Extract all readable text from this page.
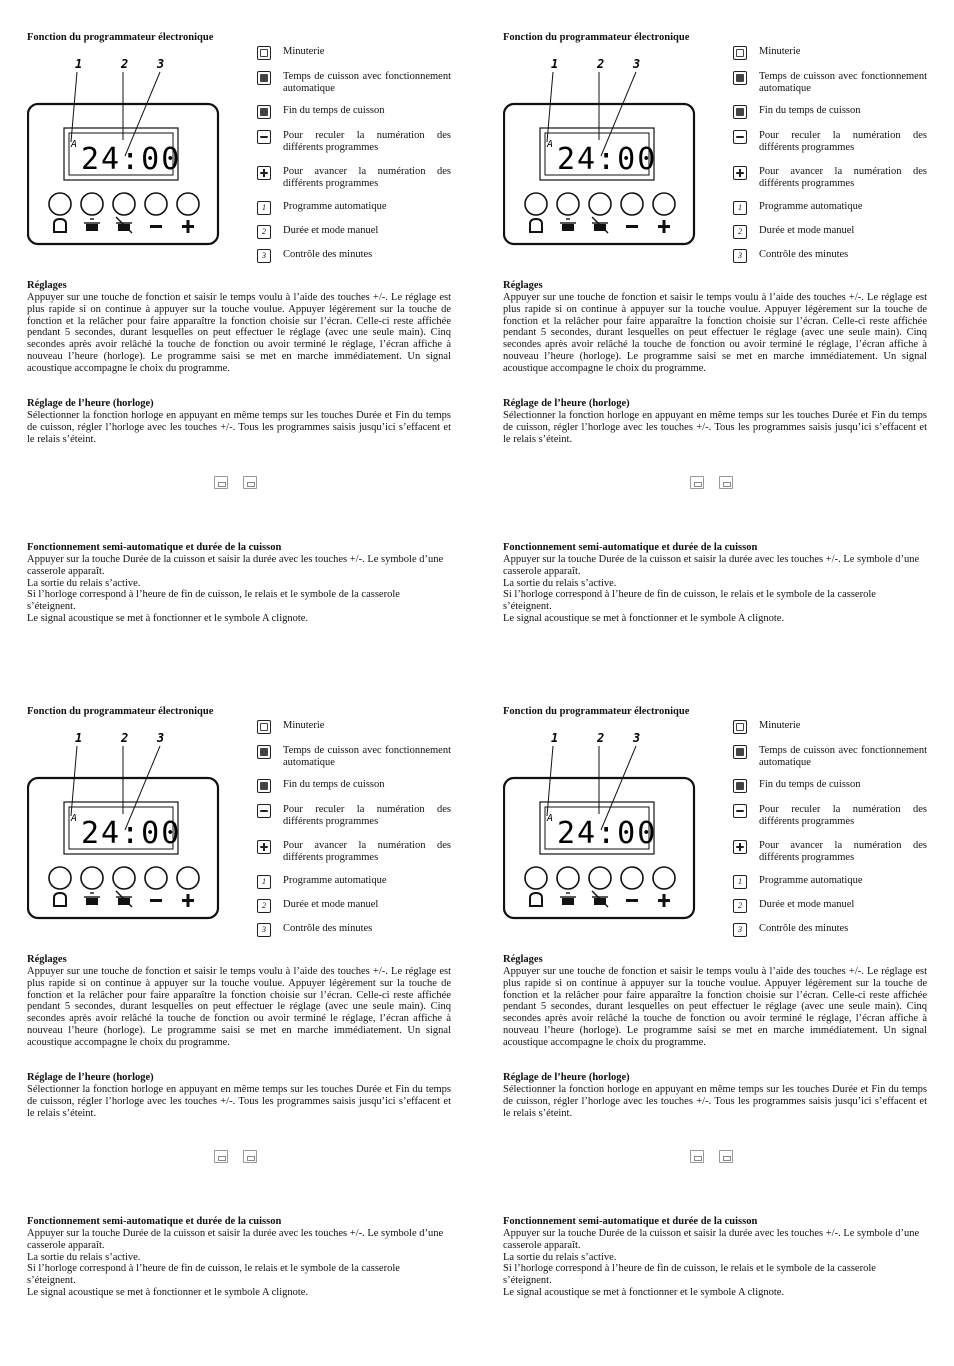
Fonction du programmateur électronique
1	2 3
A 24:00
Minuterie
Temps de cuisson avec fonctionnement automatique
Fin du temps de cuisson
Pour reculer la numération des différents programmes
Pour avancer la numération des différents programmes
1	Programme automatique
2	Durée et mode manuel
3	Contrôle des minutes
Réglages

Appuyer sur une touche de fonction et saisir le temps voulu à l’aide des touches +/-. Le réglage est plus rapide si on continue à appuyer sur la touche voulue. Appuyer légèrement sur la touche de fonction et la relâcher pour faire apparaître la fonction choisie sur l’écran. Celle-ci reste affichée pendant 5 secondes, durant lesquelles on peut effectuer le réglage (avec une seule main). Cinq secondes après avoir relâché la touche de fonction ou avoir terminé le réglage, l’écran affiche à nouveau l’heure (horloge). Le programme saisi se met en marche immédiatement. Un signal acoustique accompagne le choix du programme.

Réglage de l’heure (horloge)

Sélectionner la fonction horloge en appuyant en même temps sur les touches Durée et Fin du temps de cuisson, régler l’horloge avec les touches +/-. Tous les programmes saisis jusqu’ici s’effacent et le relais s’éteint.

Fonctionnement semi-automatique et durée de la cuisson

Appuyer sur la touche Durée de la cuisson et saisir la durée avec les touches +/-. Le symbole d’une casserole apparaît.
La sortie du relais s’active.
Si l’horloge correspond à l’heure de fin de cuisson, le relais et le symbole de la casserole s’éteignent.
Le signal acoustique se met à fonctionner et le symbole A clignote.

Fonction du programmateur électronique
1	2 3
A 24:00
Minuterie
Temps de cuisson avec fonctionnement automatique
Fin du temps de cuisson
Pour reculer la numération des différents programmes
Pour avancer la numération des différents programmes
1	Programme automatique
2	Durée et mode manuel
3	Contrôle des minutes
Réglages

Appuyer sur une touche de fonction et saisir le temps voulu à l’aide des touches +/-. Le réglage est plus rapide si on continue à appuyer sur la touche voulue. Appuyer légèrement sur la touche de fonction et la relâcher pour faire apparaître la fonction choisie sur l’écran. Celle-ci reste affichée pendant 5 secondes, durant lesquelles on peut effectuer le réglage (avec une seule main). Cinq secondes après avoir relâché la touche de fonction ou avoir terminé le réglage, l’écran affiche à nouveau l’heure (horloge). Le programme saisi se met en marche immédiatement. Un signal acoustique accompagne le choix du programme.

Réglage de l’heure (horloge)

Sélectionner la fonction horloge en appuyant en même temps sur les touches Durée et Fin du temps de cuisson, régler l’horloge avec les touches +/-. Tous les programmes saisis jusqu’ici s’effacent et le relais s’éteint.

Fonctionnement semi-automatique et durée de la cuisson

Appuyer sur la touche Durée de la cuisson et saisir la durée avec les touches +/-. Le symbole d’une casserole apparaît.
La sortie du relais s’active.
Si l’horloge correspond à l’heure de fin de cuisson, le relais et le symbole de la casserole s’éteignent.
Le signal acoustique se met à fonctionner et le symbole A clignote.

Fonction du programmateur électronique
1	2 3
A 24:00
Minuterie
Temps de cuisson avec fonctionnement automatique
Fin du temps de cuisson
Pour reculer la numération des différents programmes
Pour avancer la numération des différents programmes
1	Programme automatique
2	Durée et mode manuel
3	Contrôle des minutes
Réglages

Appuyer sur une touche de fonction et saisir le temps voulu à l’aide des touches +/-. Le réglage est plus rapide si on continue à appuyer sur la touche voulue. Appuyer légèrement sur la touche de fonction et la relâcher pour faire apparaître la fonction choisie sur l’écran. Celle-ci reste affichée pendant 5 secondes, durant lesquelles on peut effectuer le réglage (avec une seule main). Cinq secondes après avoir relâché la touche de fonction ou avoir terminé le réglage, l’écran affiche à nouveau l’heure (horloge). Le programme saisi se met en marche immédiatement. Un signal acoustique accompagne le choix du programme.

Réglage de l’heure (horloge)

Sélectionner la fonction horloge en appuyant en même temps sur les touches Durée et Fin du temps de cuisson, régler l’horloge avec les touches +/-. Tous les programmes saisis jusqu’ici s’effacent et le relais s’éteint.

Fonctionnement semi-automatique et durée de la cuisson

Appuyer sur la touche Durée de la cuisson et saisir la durée avec les touches +/-. Le symbole d’une casserole apparaît.
La sortie du relais s’active.
Si l’horloge correspond à l’heure de fin de cuisson, le relais et le symbole de la casserole s’éteignent.
Le signal acoustique se met à fonctionner et le symbole A clignote.

Fonction du programmateur électronique
1	2 3
A 24:00
Minuterie
Temps de cuisson avec fonctionnement automatique
Fin du temps de cuisson
Pour reculer la numération des différents programmes
Pour avancer la numération des différents programmes
1	Programme automatique
2	Durée et mode manuel
3	Contrôle des minutes
Réglages

Appuyer sur une touche de fonction et saisir le temps voulu à l’aide des touches +/-. Le réglage est plus rapide si on continue à appuyer sur la touche voulue. Appuyer légèrement sur la touche de fonction et la relâcher pour faire apparaître la fonction choisie sur l’écran. Celle-ci reste affichée pendant 5 secondes, durant lesquelles on peut effectuer le réglage (avec une seule main). Cinq secondes après avoir relâché la touche de fonction ou avoir terminé le réglage, l’écran affiche à nouveau l’heure (horloge). Le programme saisi se met en marche immédiatement. Un signal acoustique accompagne le choix du programme.

Réglage de l’heure (horloge)

Sélectionner la fonction horloge en appuyant en même temps sur les touches Durée et Fin du temps de cuisson, régler l’horloge avec les touches +/-. Tous les programmes saisis jusqu’ici s’effacent et le relais s’éteint.

Fonctionnement semi-automatique et durée de la cuisson

Appuyer sur la touche Durée de la cuisson et saisir la durée avec les touches +/-. Le symbole d’une casserole apparaît.
La sortie du relais s’active.
Si l’horloge correspond à l’heure de fin de cuisson, le relais et le symbole de la casserole s’éteignent.
Le signal acoustique se met à fonctionner et le symbole A clignote.
